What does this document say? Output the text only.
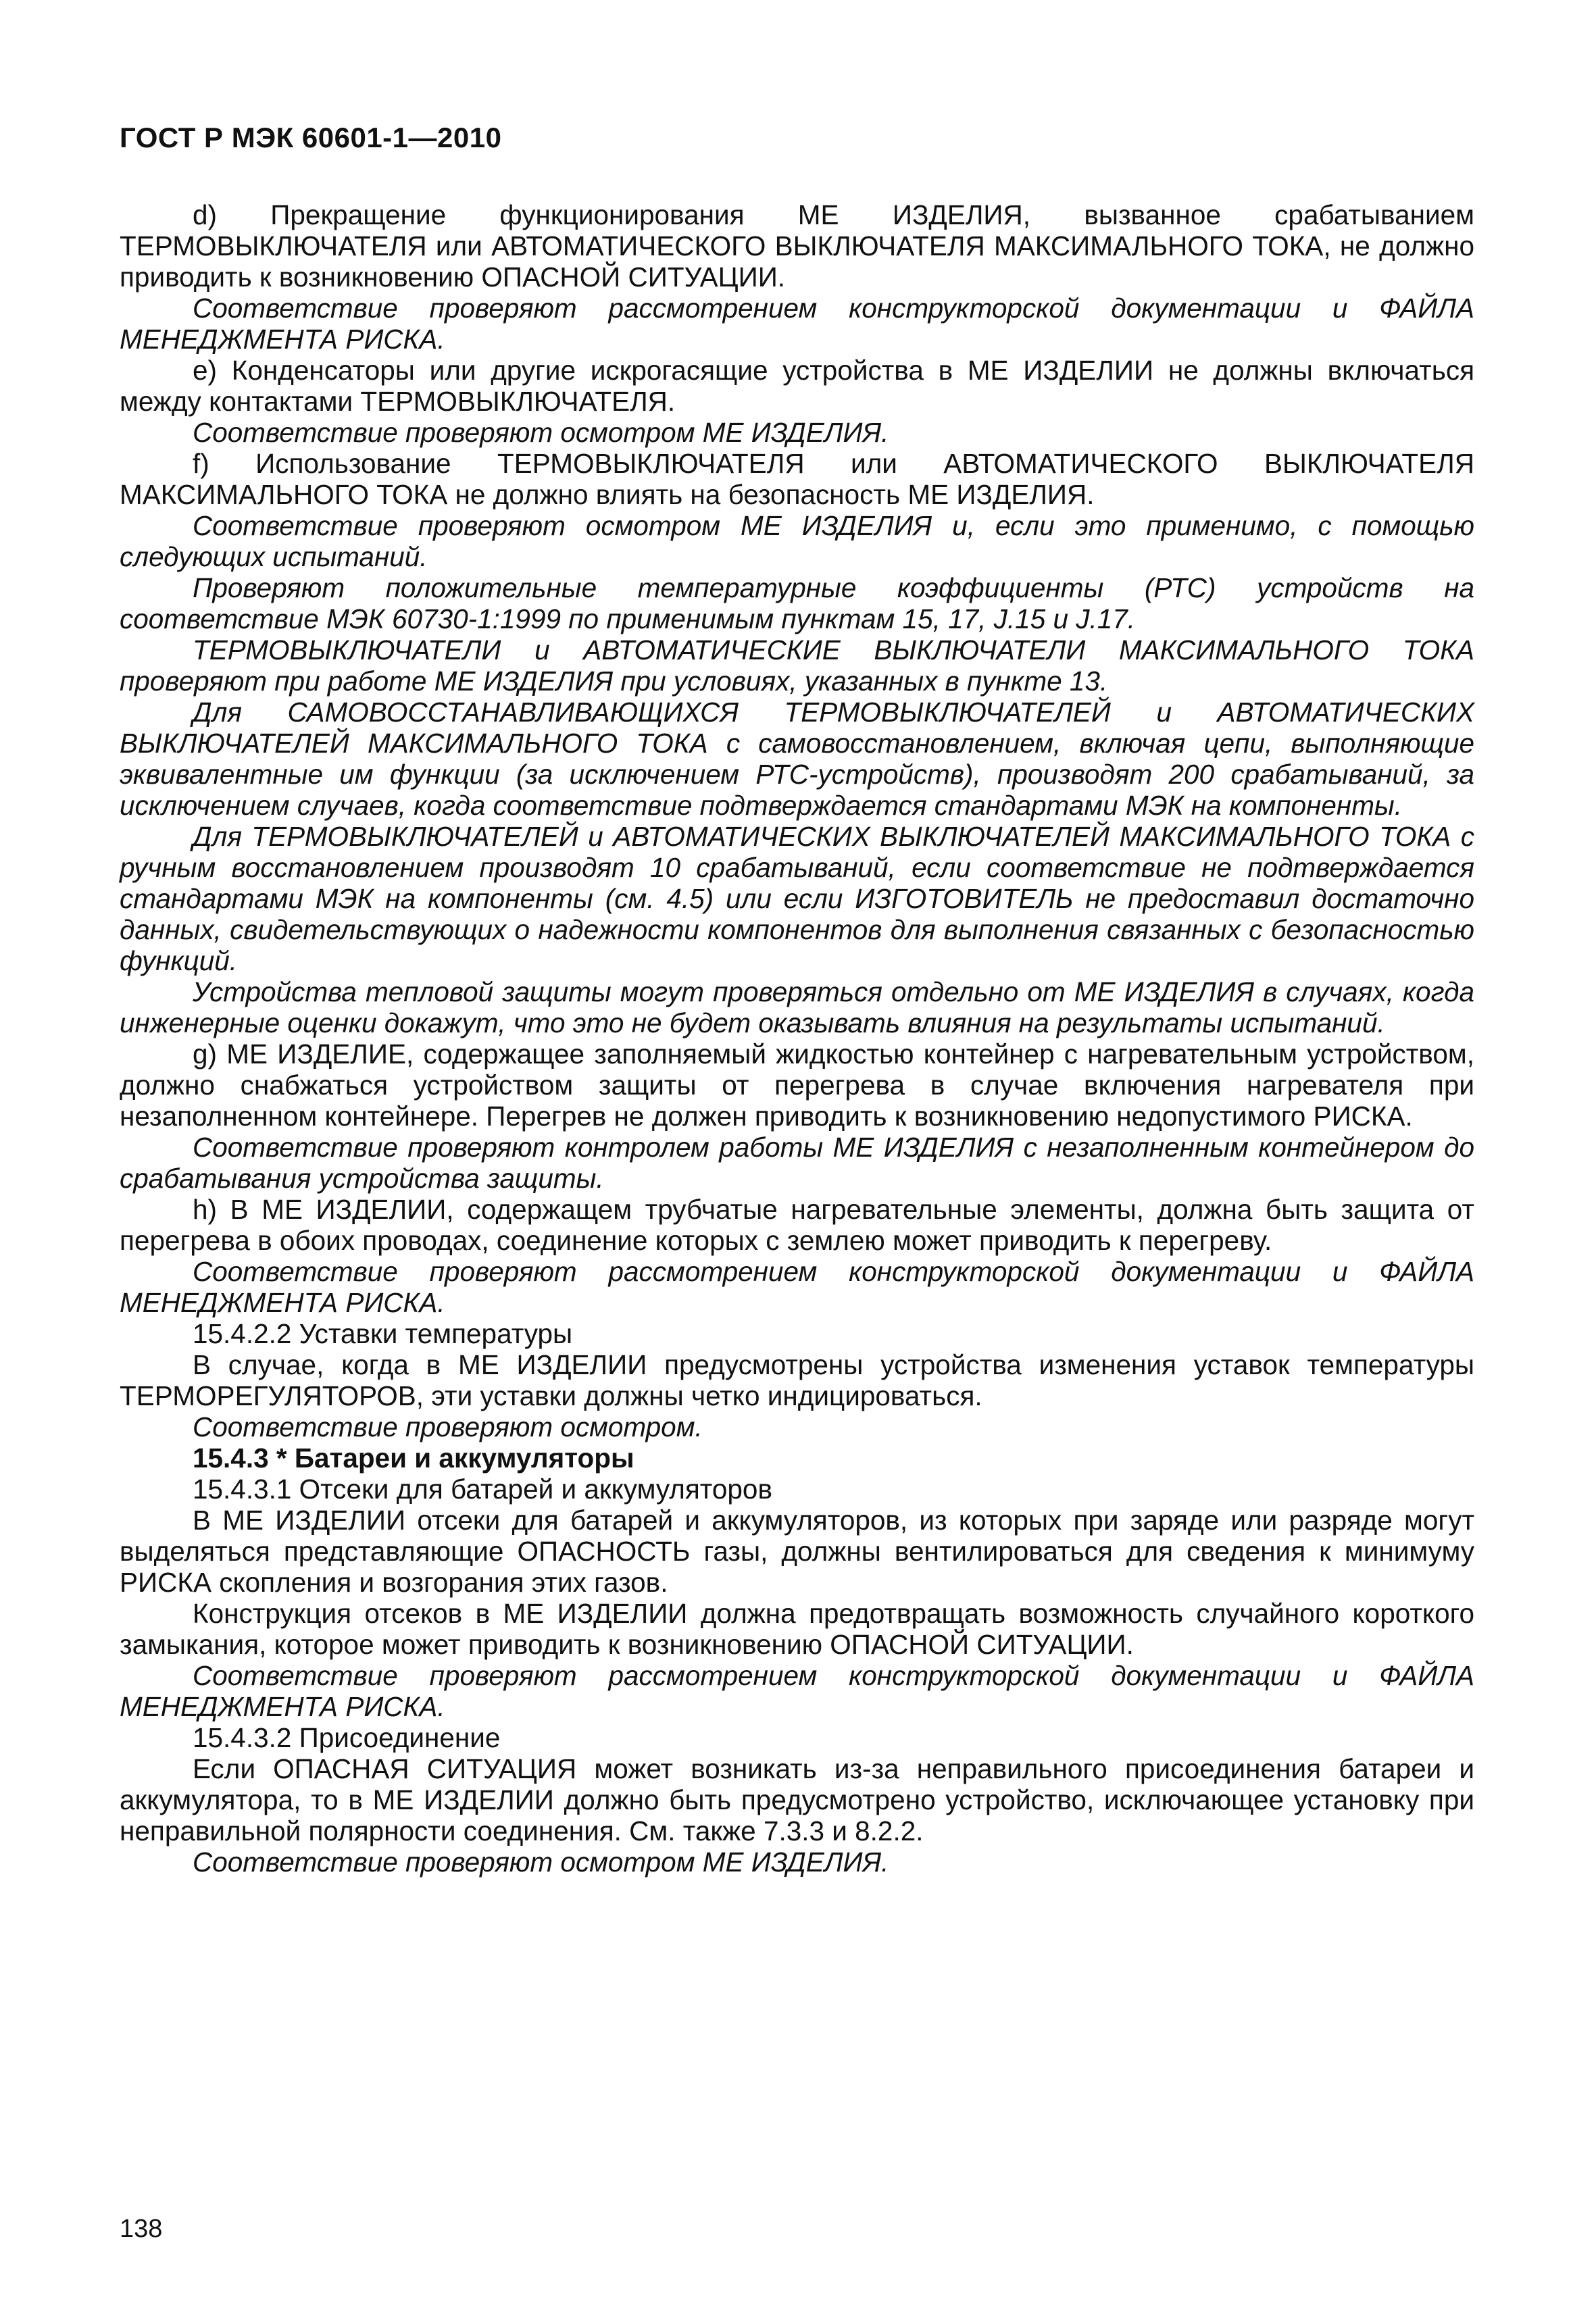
ГОСТ Р МЭК 60601-1—2010

d) Прекращение функционирования МЕ ИЗДЕЛИЯ, вызванное срабатыванием ТЕРМОВЫКЛЮЧАТЕЛЯ или АВТОМАТИЧЕСКОГО ВЫКЛЮЧАТЕЛЯ МАКСИМАЛЬНОГО ТОКА, не должно приводить к возникновению ОПАСНОЙ СИТУАЦИИ.

Соответствие проверяют рассмотрением конструкторской документации и ФАЙЛА МЕНЕДЖМЕНТА РИСКА.

e) Конденсаторы или другие искрогасящие устройства в МЕ ИЗДЕЛИИ не должны включаться между контактами ТЕРМОВЫКЛЮЧАТЕЛЯ.

Соответствие проверяют осмотром МЕ ИЗДЕЛИЯ.

f) Использование ТЕРМОВЫКЛЮЧАТЕЛЯ или АВТОМАТИЧЕСКОГО ВЫКЛЮЧАТЕЛЯ МАКСИМАЛЬНОГО ТОКА не должно влиять на безопасность МЕ ИЗДЕЛИЯ.

Соответствие проверяют осмотром МЕ ИЗДЕЛИЯ и, если это применимо, с помощью следующих испытаний.

Проверяют положительные температурные коэффициенты (РТС) устройств на соответствие МЭК 60730-1:1999 по применимым пунктам 15, 17, J.15 и J.17.

ТЕРМОВЫКЛЮЧАТЕЛИ и АВТОМАТИЧЕСКИЕ ВЫКЛЮЧАТЕЛИ МАКСИМАЛЬНОГО ТОКА проверяют при работе МЕ ИЗДЕЛИЯ при условиях, указанных в пункте 13.

Для САМОВОССТАНАВЛИВАЮЩИХСЯ ТЕРМОВЫКЛЮЧАТЕЛЕЙ и АВТОМАТИЧЕСКИХ ВЫКЛЮЧАТЕЛЕЙ МАКСИМАЛЬНОГО ТОКА с самовосстановлением, включая цепи, выполняющие эквивалентные им функции (за исключением РТС-устройств), производят 200 срабатываний, за исключением случаев, когда соответствие подтверждается стандартами МЭК на компоненты.

Для ТЕРМОВЫКЛЮЧАТЕЛЕЙ и АВТОМАТИЧЕСКИХ ВЫКЛЮЧАТЕЛЕЙ МАКСИМАЛЬНОГО ТОКА с ручным восстановлением производят 10 срабатываний, если соответствие не подтверждается стандартами МЭК на компоненты (см. 4.5) или если ИЗГОТОВИТЕЛЬ не предоставил достаточно данных, свидетельствующих о надежности компонентов для выполнения связанных с безопасностью функций.

Устройства тепловой защиты могут проверяться отдельно от МЕ ИЗДЕЛИЯ в случаях, когда инженерные оценки докажут, что это не будет оказывать влияния на результаты испытаний.

g) МЕ ИЗДЕЛИЕ, содержащее заполняемый жидкостью контейнер с нагревательным устройством, должно снабжаться устройством защиты от перегрева в случае включения нагревателя при незаполненном контейнере. Перегрев не должен приводить к возникновению недопустимого РИСКА.

Соответствие проверяют контролем работы МЕ ИЗДЕЛИЯ с незаполненным контейнером до срабатывания устройства защиты.

h) В МЕ ИЗДЕЛИИ, содержащем трубчатые нагревательные элементы, должна быть защита от перегрева в обоих проводах, соединение которых с землею может приводить к перегреву.

Соответствие проверяют рассмотрением конструкторской документации и ФАЙЛА МЕНЕДЖМЕНТА РИСКА.

15.4.2.2 Уставки температуры

В случае, когда в МЕ ИЗДЕЛИИ предусмотрены устройства изменения уставок температуры ТЕРМОРЕГУЛЯТОРОВ, эти уставки должны четко индицироваться.

Соответствие проверяют осмотром.

15.4.3 * Батареи и аккумуляторы

15.4.3.1 Отсеки для батарей и аккумуляторов

В МЕ ИЗДЕЛИИ отсеки для батарей и аккумуляторов, из которых при заряде или разряде могут выделяться представляющие ОПАСНОСТЬ газы, должны вентилироваться для сведения к минимуму РИСКА скопления и возгорания этих газов.

Конструкция отсеков в МЕ ИЗДЕЛИИ должна предотвращать возможность случайного короткого замыкания, которое может приводить к возникновению ОПАСНОЙ СИТУАЦИИ.

Соответствие проверяют рассмотрением конструкторской документации и ФАЙЛА МЕНЕДЖМЕНТА РИСКА.

15.4.3.2 Присоединение

Если ОПАСНАЯ СИТУАЦИЯ может возникать из-за неправильного присоединения батареи и аккумулятора, то в МЕ ИЗДЕЛИИ должно быть предусмотрено устройство, исключающее установку при неправильной полярности соединения. См. также 7.3.3 и 8.2.2.

Соответствие проверяют осмотром МЕ ИЗДЕЛИЯ.

138
